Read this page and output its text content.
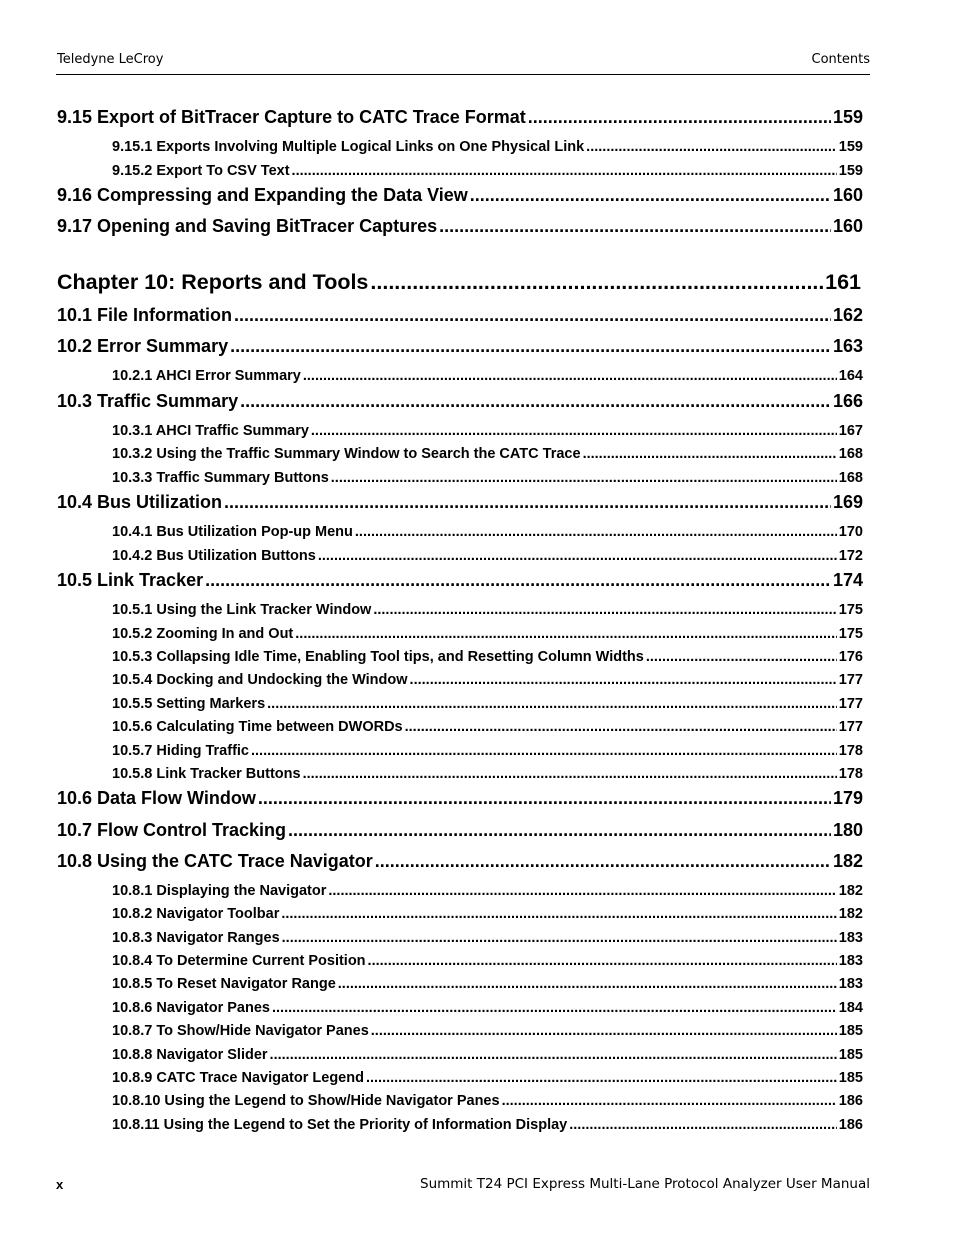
Teledyne LeCroy	Contents
9.15 Export of BitTracer Capture to CATC Trace Format .....	159
9.15.1 Exports Involving Multiple Logical Links on One Physical Link .....	159
9.15.2 Export To CSV Text .....	159
9.16 Compressing and Expanding the Data View .....	160
9.17 Opening and Saving BitTracer Captures .....	160
Chapter 10: Reports and Tools .....	161
10.1 File Information .....	162
10.2 Error Summary .....	163
10.2.1 AHCI Error Summary .....	164
10.3 Traffic Summary .....	166
10.3.1 AHCI Traffic Summary .....	167
10.3.2 Using the Traffic Summary Window to Search the CATC Trace .....	168
10.3.3 Traffic Summary Buttons .....	168
10.4 Bus Utilization .....	169
10.4.1 Bus Utilization Pop-up Menu .....	170
10.4.2 Bus Utilization Buttons .....	172
10.5 Link Tracker .....	174
10.5.1 Using the Link Tracker Window .....	175
10.5.2 Zooming In and Out .....	175
10.5.3 Collapsing Idle Time, Enabling Tool tips, and Resetting Column Widths .....	176
10.5.4 Docking and Undocking the Window .....	177
10.5.5 Setting Markers .....	177
10.5.6 Calculating Time between DWORDs .....	177
10.5.7 Hiding Traffic .....	178
10.5.8 Link Tracker Buttons .....	178
10.6 Data Flow Window .....	179
10.7 Flow Control Tracking .....	180
10.8 Using the CATC Trace Navigator .....	182
10.8.1 Displaying the Navigator .....	182
10.8.2 Navigator Toolbar .....	182
10.8.3 Navigator Ranges .....	183
10.8.4 To Determine Current Position .....	183
10.8.5 To Reset Navigator Range .....	183
10.8.6 Navigator Panes .....	184
10.8.7 To Show/Hide Navigator Panes .....	185
10.8.8 Navigator Slider .....	185
10.8.9 CATC Trace Navigator Legend .....	185
10.8.10 Using the Legend to Show/Hide Navigator Panes .....	186
10.8.11 Using the Legend to Set the Priority of Information Display .....	186
x	Summit T24 PCI Express Multi-Lane Protocol Analyzer User Manual
